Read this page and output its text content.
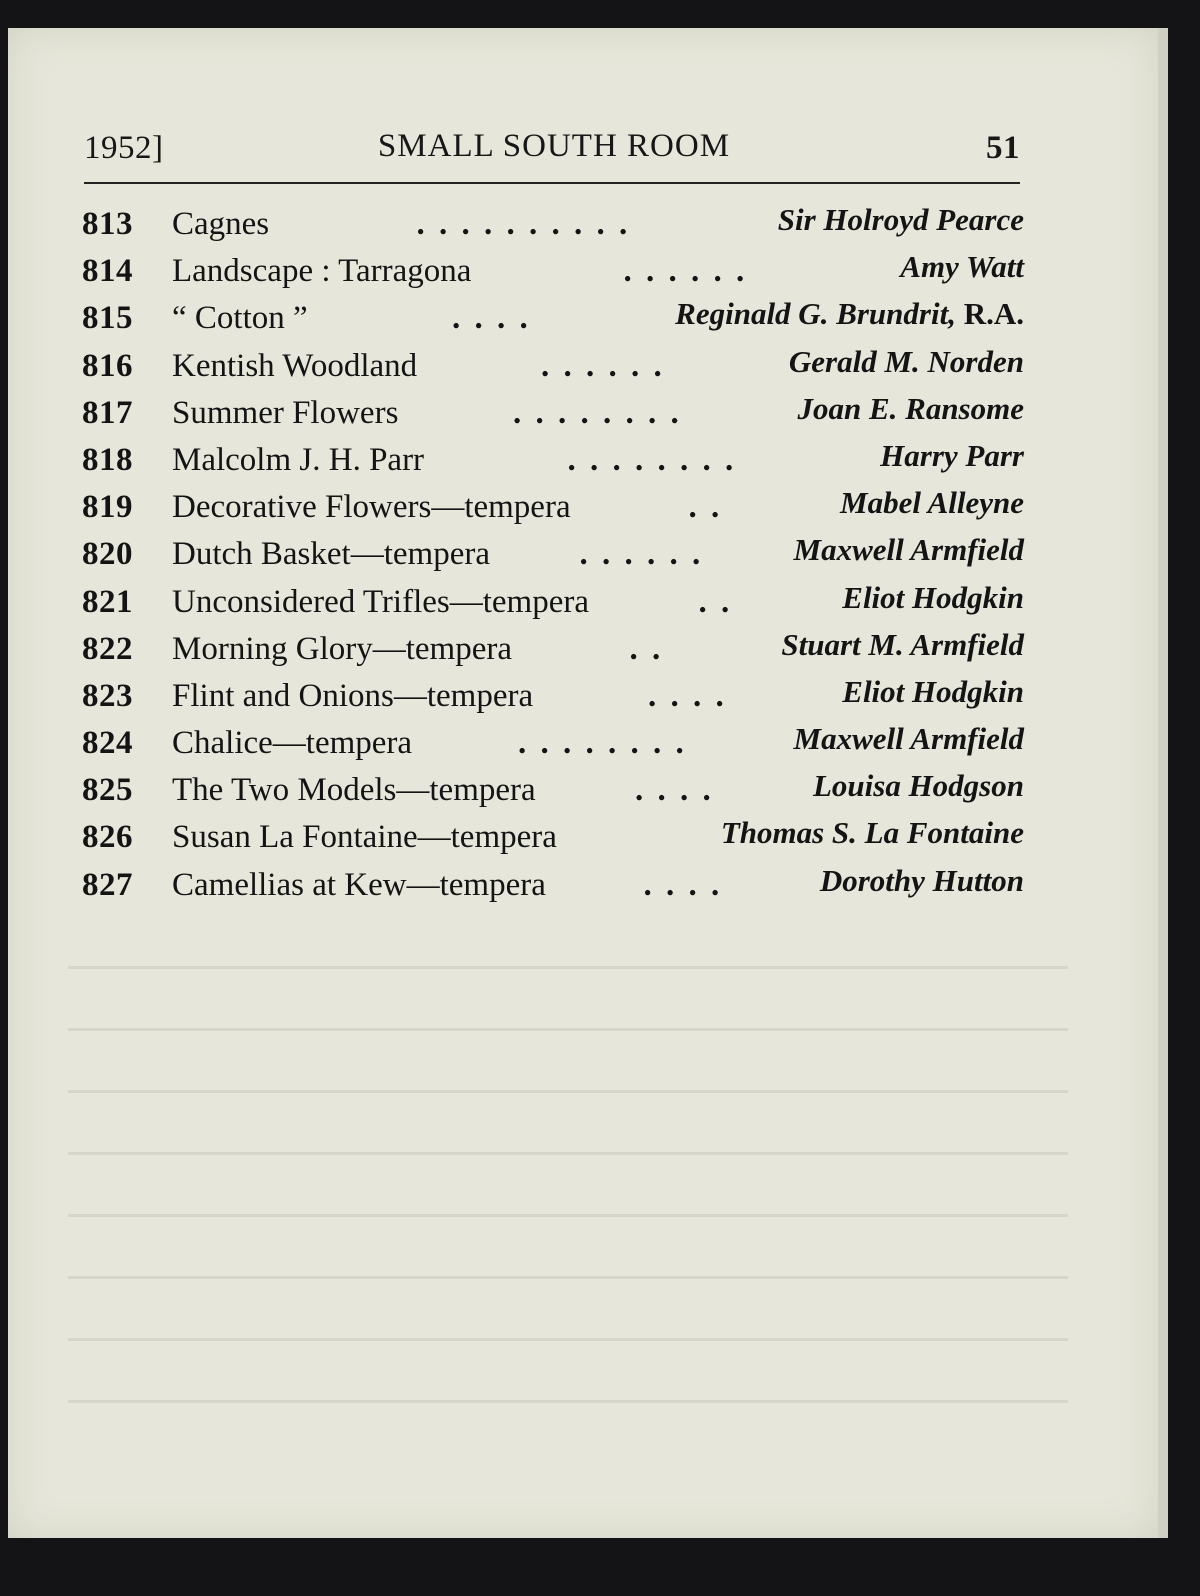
1952]	SMALL SOUTH ROOM	51
813 Cagnes	. . . . . . . . . .	Sir Holroyd Pearce
814 Landscape : Tarragona	. . . . . .	Amy Watt
815 “ Cotton ”	. . . .	Reginald G. Brundrit, R.A.
816 Kentish Woodland	. . . . . .	Gerald M. Norden
817 Summer Flowers	. . . . . . . .	Joan E. Ransome
818 Malcolm J. H. Parr	. . . . . . . .	Harry Parr
819 Decorative Flowers—tempera	. .	Mabel Alleyne
820 Dutch Basket—tempera	. . . . . .	Maxwell Armfield
821 Unconsidered Trifles—tempera	. .	Eliot Hodgkin
822 Morning Glory—tempera	. .	Stuart M. Armfield
823 Flint and Onions—tempera	. . . .	Eliot Hodgkin
824 Chalice—tempera	. . . . . . . .	Maxwell Armfield
825 The Two Models—tempera	. . . .	Louisa Hodgson
826 Susan La Fontaine—tempera	Thomas S. La Fontaine
827 Camellias at Kew—tempera	. . . .	Dorothy Hutton
